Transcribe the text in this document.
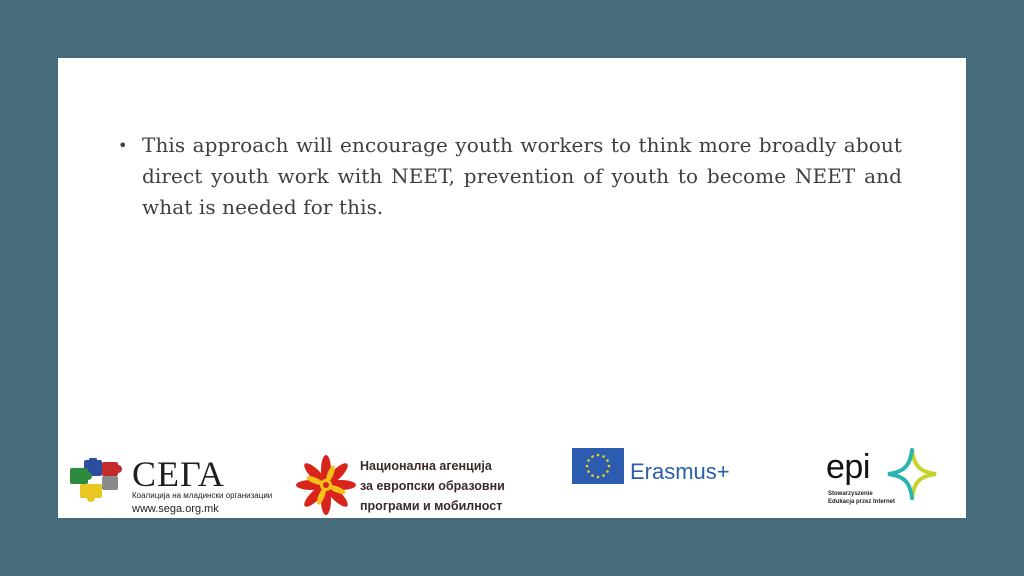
• This approach will encourage youth workers to think more broadly about direct youth work with NEET, prevention of youth to become NEET and what is needed for this.
СЕГА
Коалиција на младински организации
www.sega.org.mk
Национална агенција
за европски образовни
програми и мобилност
Erasmus+	epi
Stowarzyszenie
Edukacja przez Internet
